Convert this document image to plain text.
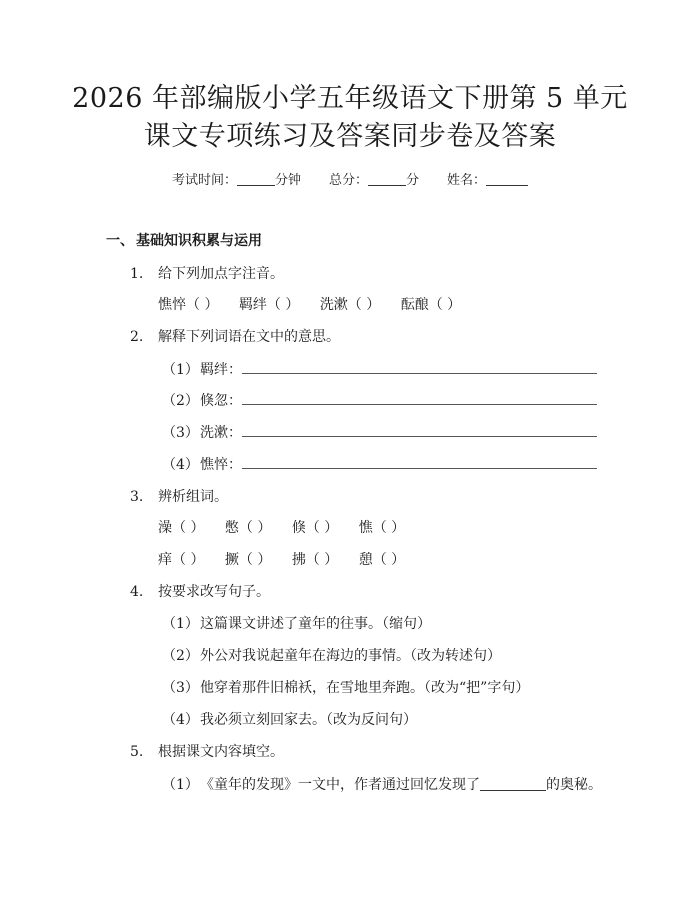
2026 年部编版小学五年级语文下册第 5 单元
课文专项练习及答案同步卷及答案
考试时间：	分钟 总分：	分 姓名：
一、 基础知识积累与运用
1. 给下列加点字注音。
憔悴（ ） 羁绊（ ） 洗漱（ ） 酝酿（ ）
2. 解释下列词语在文中的意思。
（1）羁绊：
（2）倏忽：
（3）洗漱：
（4）憔悴：
3. 辨析组词。
澡（ ） 憋（ ） 倏（ ） 憔（ ）
痒（ ） 撅（ ） 拂（ ） 憩（ ）
4. 按要求改写句子。
（1）这篇课文讲述了童年的往事。（缩句）
（2）外公对我说起童年在海边的事情。（改为转述句）
（3）他穿着那件旧棉袄，在雪地里奔跑。（改为“把”字句）
（4）我必须立刻回家去。（改为反问句）
5. 根据课文内容填空。
（1）《童年的发现》一文中，作者通过回忆发现了	的奥秘。
